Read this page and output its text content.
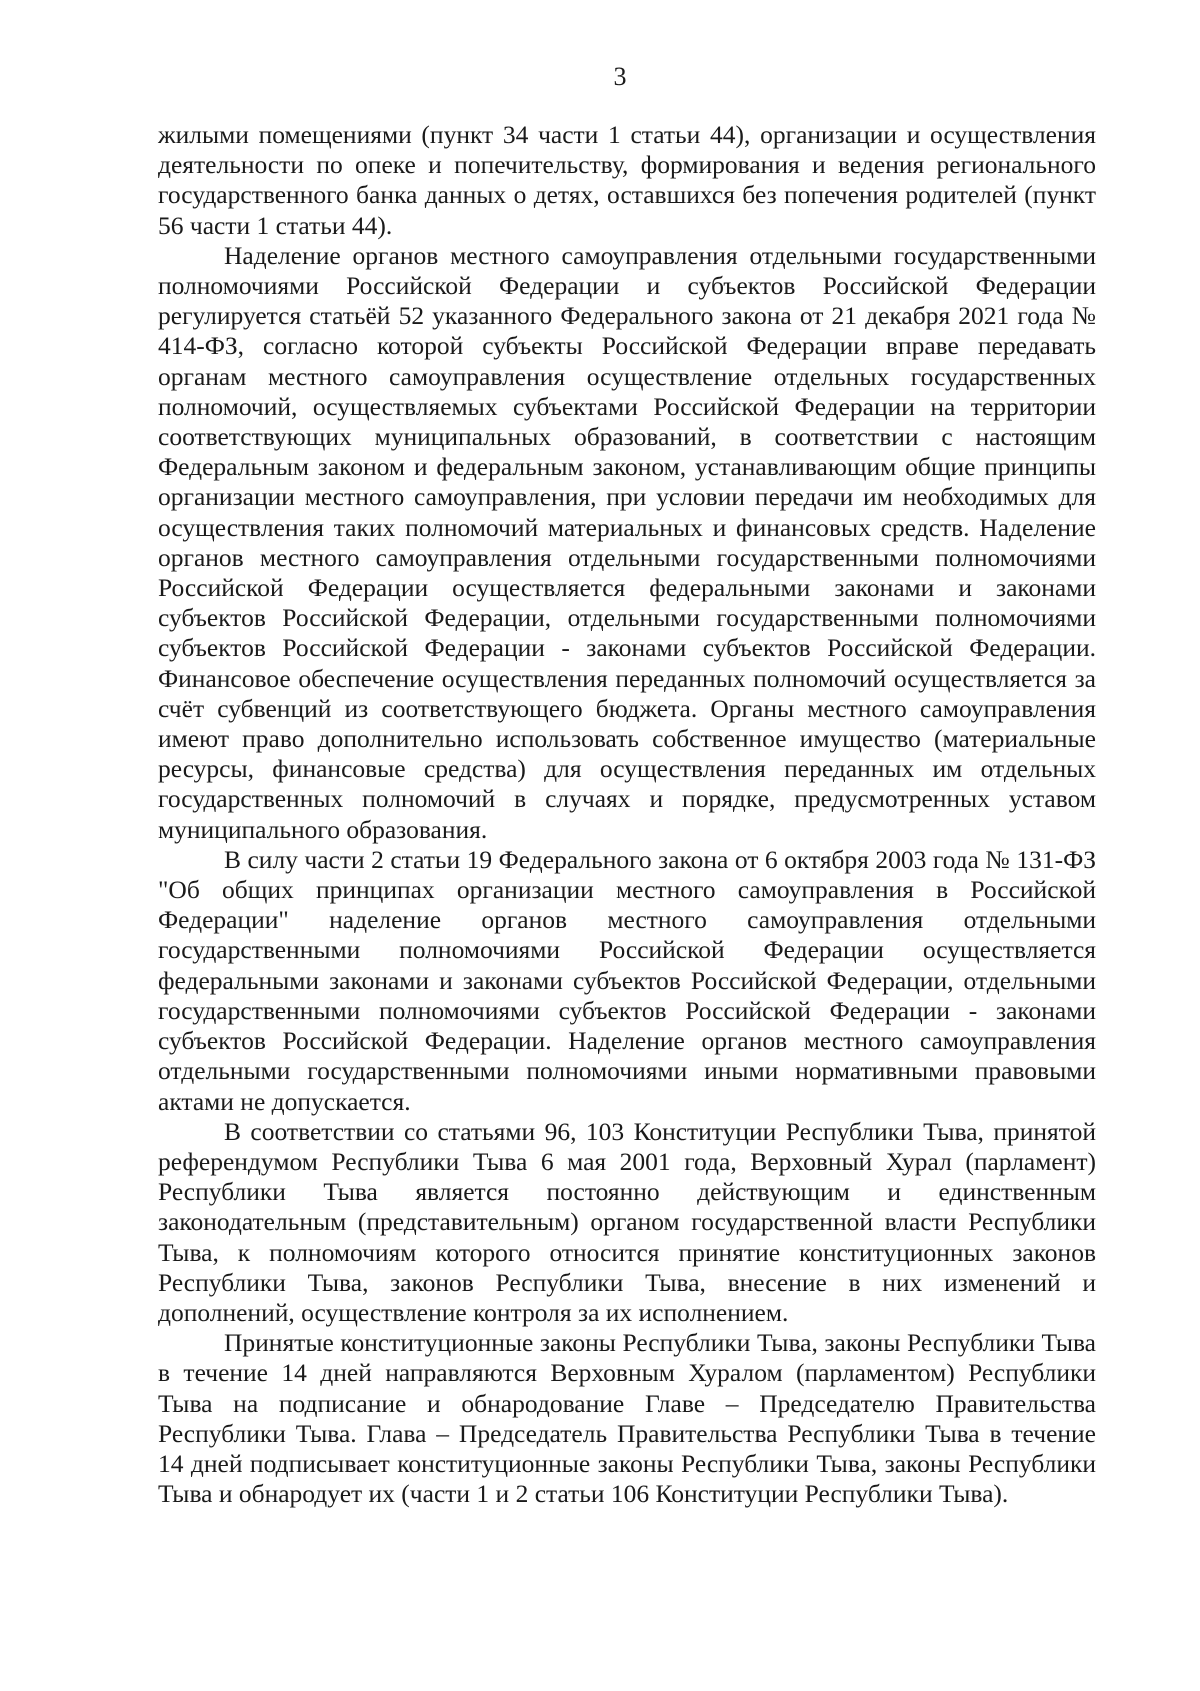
3

жилыми помещениями (пункт 34 части 1 статьи 44), организации и осуществления деятельности по опеке и попечительству, формирования и ведения регионального государственного банка данных о детях, оставшихся без попечения родителей (пункт 56 части 1 статьи 44).

Наделение органов местного самоуправления отдельными государственными полномочиями Российской Федерации и субъектов Российской Федерации регулируется статьёй 52 указанного Федерального закона от 21 декабря 2021 года № 414-ФЗ, согласно которой субъекты Российской Федерации вправе передавать органам местного самоуправления осуществление отдельных государственных полномочий, осуществляемых субъектами Российской Федерации на территории соответствующих муниципальных образований, в соответствии с настоящим Федеральным законом и федеральным законом, устанавливающим общие принципы организации местного самоуправления, при условии передачи им необходимых для осуществления таких полномочий материальных и финансовых средств. Наделение органов местного самоуправления отдельными государственными полномочиями Российской Федерации осуществляется федеральными законами и законами субъектов Российской Федерации, отдельными государственными полномочиями субъектов Российской Федерации - законами субъектов Российской Федерации. Финансовое обеспечение осуществления переданных полномочий осуществляется за счёт субвенций из соответствующего бюджета. Органы местного самоуправления имеют право дополнительно использовать собственное имущество (материальные ресурсы, финансовые средства) для осуществления переданных им отдельных государственных полномочий в случаях и порядке, предусмотренных уставом муниципального образования.

В силу части 2 статьи 19 Федерального закона от 6 октября 2003 года № 131-ФЗ "Об общих принципах организации местного самоуправления в Российской Федерации" наделение органов местного самоуправления отдельными государственными полномочиями Российской Федерации осуществляется федеральными законами и законами субъектов Российской Федерации, отдельными государственными полномочиями субъектов Российской Федерации - законами субъектов Российской Федерации. Наделение органов местного самоуправления отдельными государственными полномочиями иными нормативными правовыми актами не допускается.

В соответствии со статьями 96, 103 Конституции Республики Тыва, принятой референдумом Республики Тыва 6 мая 2001 года, Верховный Хурал (парламент) Республики Тыва является постоянно действующим и единственным законодательным (представительным) органом государственной власти Республики Тыва, к полномочиям которого относится принятие конституционных законов Республики Тыва, законов Республики Тыва, внесение в них изменений и дополнений, осуществление контроля за их исполнением.

Принятые конституционные законы Республики Тыва, законы Республики Тыва в течение 14 дней направляются Верховным Хуралом (парламентом) Республики Тыва на подписание и обнародование Главе – Председателю Правительства Республики Тыва. Глава – Председатель Правительства Республики Тыва в течение 14 дней подписывает конституционные законы Республики Тыва, законы Республики Тыва и обнародует их (части 1 и 2 статьи 106 Конституции Республики Тыва).
